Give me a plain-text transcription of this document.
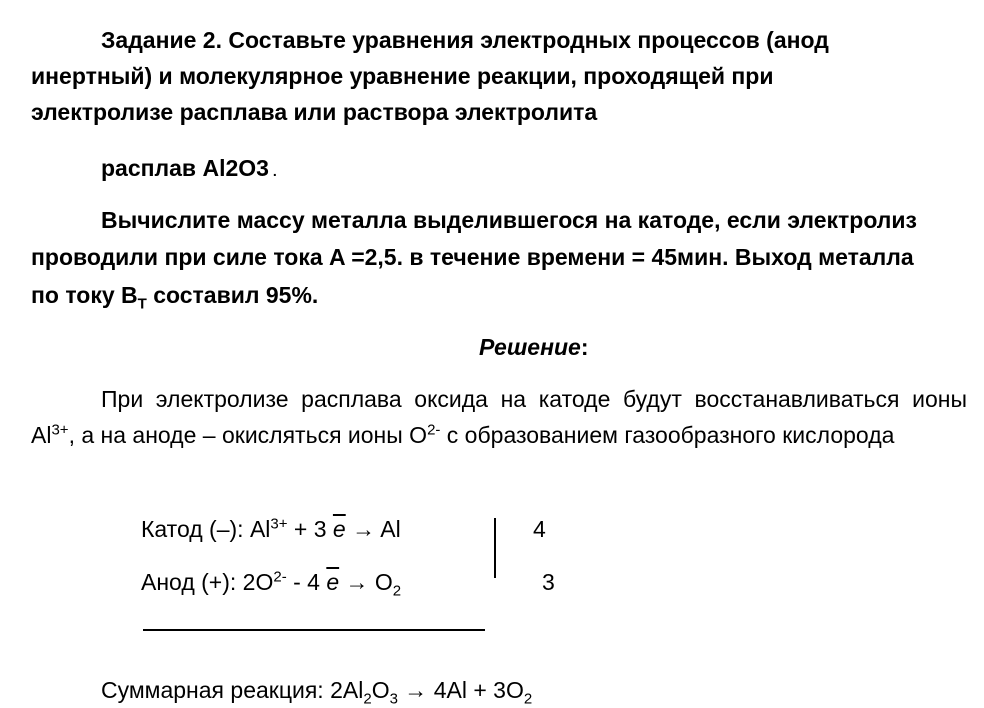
Задание 2. Составьте уравнения электродных процессов (анод
инертный) и молекулярное уравнение реакции, проходящей при
электролизе расплава или раствора электролита
расплав Al2O3 .
Вычислите массу металла выделившегося на катоде, если электролиз
проводили при силе тока A =2,5. в течение времени = 45мин. Выход металла
по току $B_T$ составил 95%.
Решение:
При электролизе расплава оксида на катоде будут восстанавливаться ионы $Al^{3+}$, а на аноде – окисляться ионы $O^{2-}$ с образованием газообразного кислорода
Катод (–): $Al^{3+} + 3$ $\overline{e} \to Al$	4
Анод (+): $2O^{2-} - 4$ $\overline{e} \to O_2$	3
Суммарная реакция: $2Al_2O_3 \to 4Al + 3O_2$
